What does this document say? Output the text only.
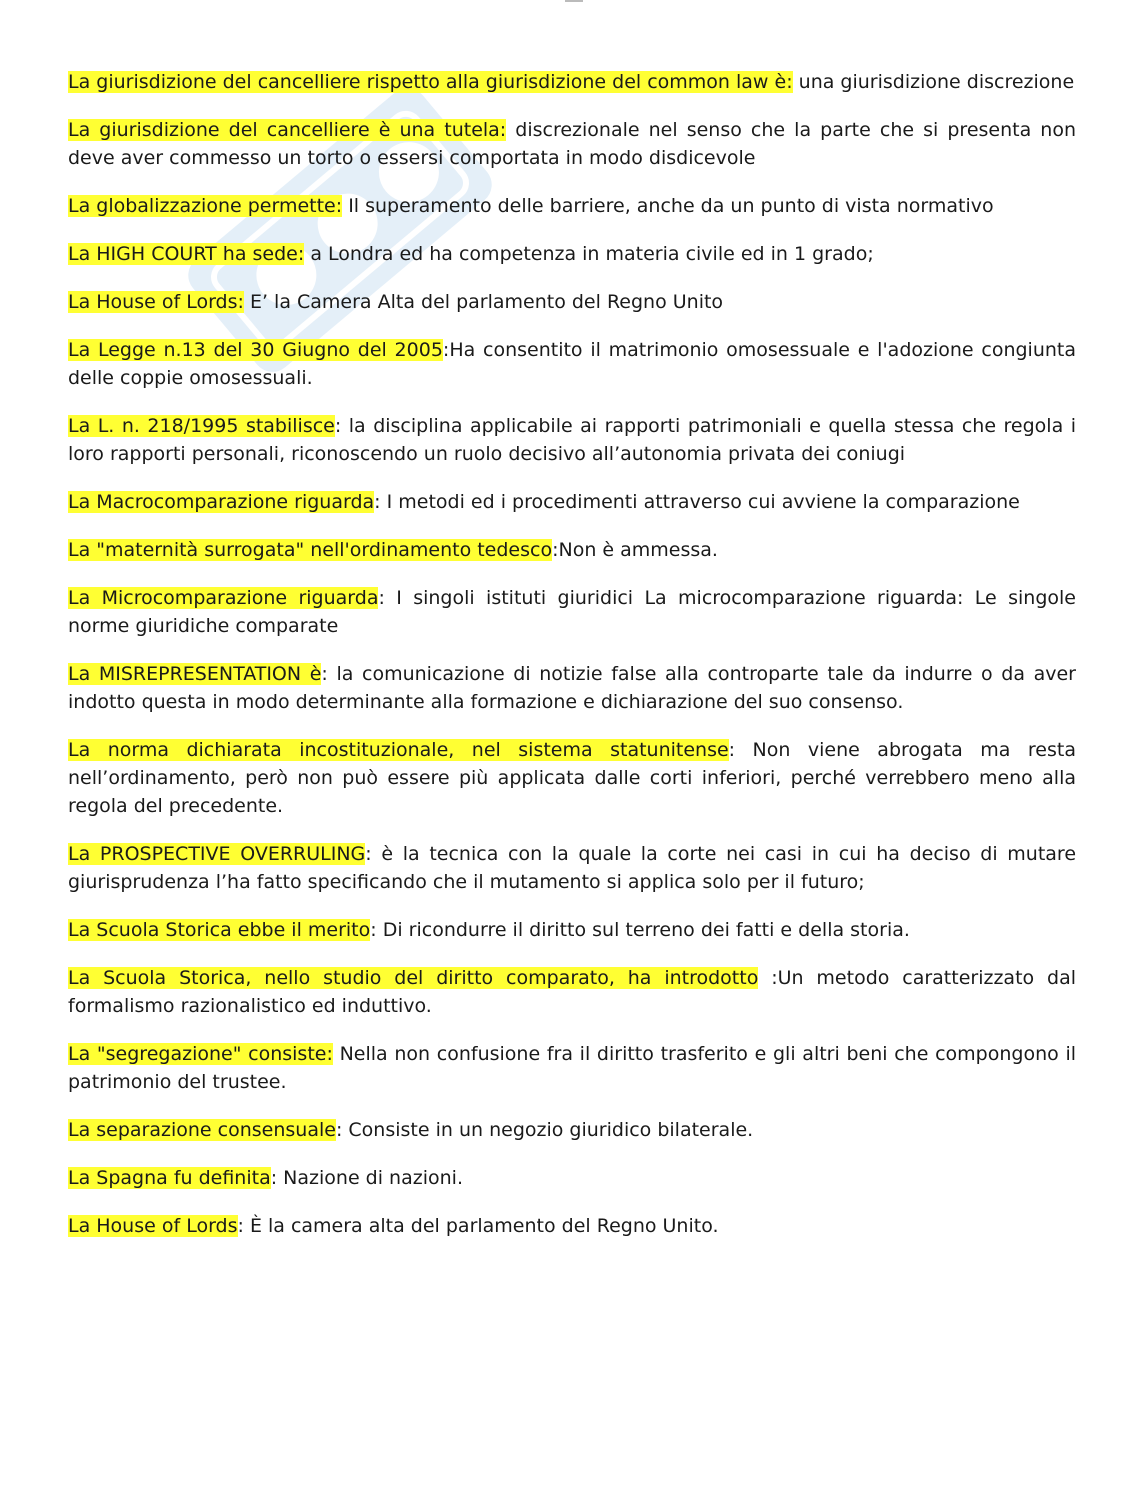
La giurisdizione del cancelliere rispetto alla giurisdizione del common law è: una giurisdizione discrezione

La giurisdizione del cancelliere è una tutela: discrezionale nel senso che la parte che si presenta non deve aver commesso un torto o essersi comportata in modo disdicevole

La globalizzazione permette: Il superamento delle barriere, anche da un punto di vista normativo

La HIGH COURT ha sede: a Londra ed ha competenza in materia civile ed in 1 grado;

La House of Lords: E’ la Camera Alta del parlamento del Regno Unito

La Legge n.13 del 30 Giugno del 2005:Ha consentito il matrimonio omosessuale e l'adozione congiunta delle coppie omosessuali.

La L. n. 218/1995 stabilisce: la disciplina applicabile ai rapporti patrimoniali e quella stessa che regola i loro rapporti personali, riconoscendo un ruolo decisivo all’autonomia privata dei coniugi

La Macrocomparazione riguarda: I metodi ed i procedimenti attraverso cui avviene la comparazione

La "maternità surrogata" nell'ordinamento tedesco:Non è ammessa.

La Microcomparazione riguarda: I singoli istituti giuridici La microcomparazione riguarda: Le singole norme giuridiche comparate

La MISREPRESENTATION è: la comunicazione di notizie false alla controparte tale da indurre o da aver indotto questa in modo determinante alla formazione e dichiarazione del suo consenso.

La norma dichiarata incostituzionale, nel sistema statunitense: Non viene abrogata ma resta nell’ordinamento, però non può essere più applicata dalle corti inferiori, perché verrebbero meno alla regola del precedente.

La PROSPECTIVE OVERRULING: è la tecnica con la quale la corte nei casi in cui ha deciso di mutare giurisprudenza l’ha fatto specificando che il mutamento si applica solo per il futuro;

La Scuola Storica ebbe il merito: Di ricondurre il diritto sul terreno dei fatti e della storia.

La Scuola Storica, nello studio del diritto comparato, ha introdotto :Un metodo caratterizzato dal formalismo razionalistico ed induttivo.

La "segregazione" consiste: Nella non confusione fra il diritto trasferito e gli altri beni che compongono il patrimonio del trustee.

La separazione consensuale: Consiste in un negozio giuridico bilaterale.

La Spagna fu definita: Nazione di nazioni.

La House of Lords: È la camera alta del parlamento del Regno Unito.
